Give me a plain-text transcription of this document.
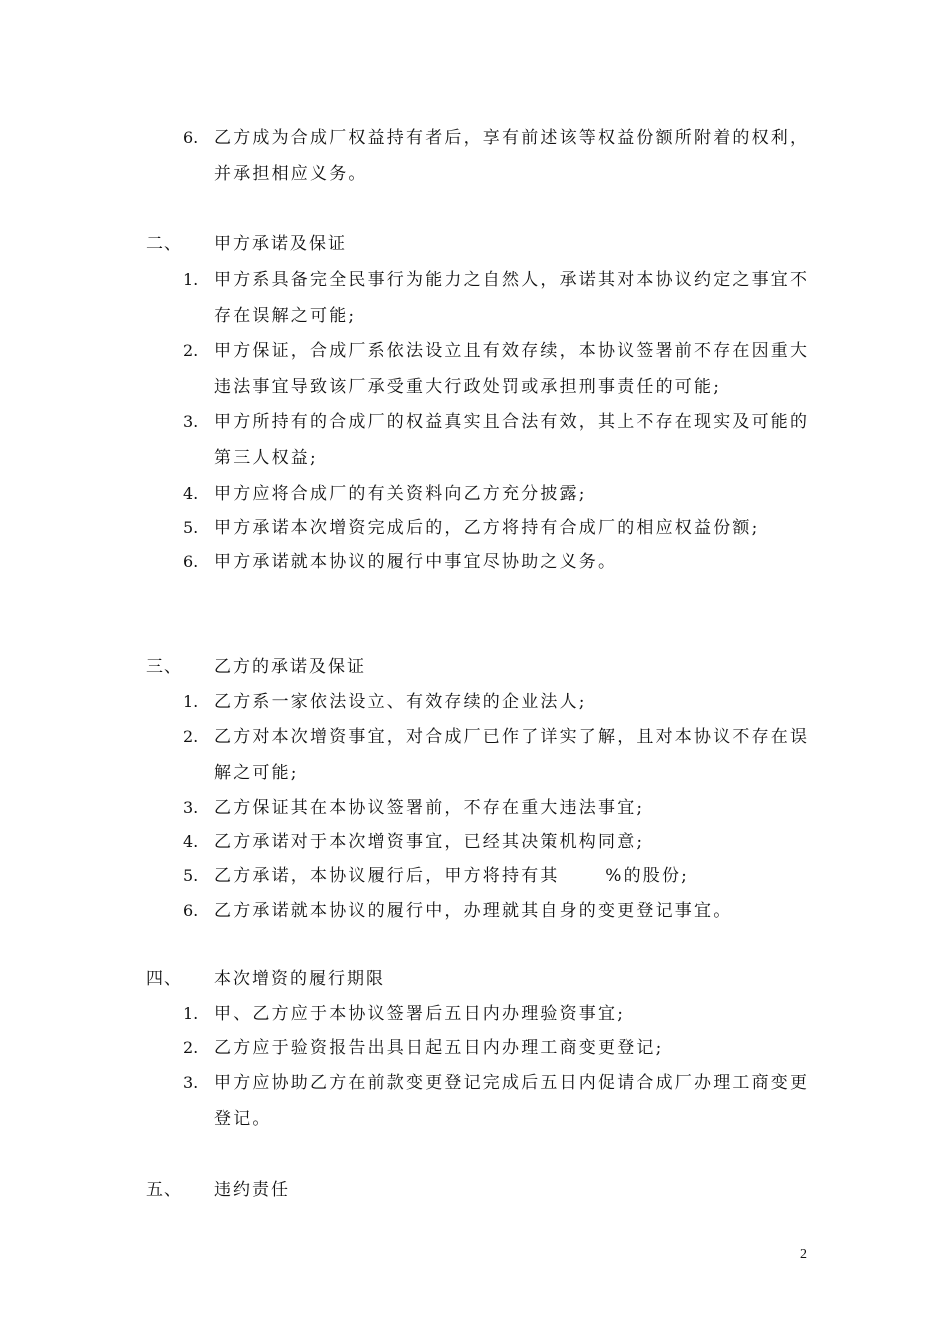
6. 乙方成为合成厂权益持有者后，享有前述该等权益份额所附着的权利，
并承担相应义务。
二、 甲方承诺及保证
1. 甲方系具备完全民事行为能力之自然人，承诺其对本协议约定之事宜不
存在误解之可能;
2. 甲方保证，合成厂系依法设立且有效存续，本协议签署前不存在因重大
违法事宜导致该厂承受重大行政处罚或承担刑事责任的可能;
3. 甲方所持有的合成厂的权益真实且合法有效，其上不存在现实及可能的
第三人权益;
4. 甲方应将合成厂的有关资料向乙方充分披露;
5. 甲方承诺本次增资完成后的，乙方将持有合成厂的相应权益份额;
6. 甲方承诺就本协议的履行中事宜尽协助之义务。
三、 乙方的承诺及保证
1. 乙方系一家依法设立、有效存续的企业法人;
2. 乙方对本次增资事宜，对合成厂已作了详实了解，且对本协议不存在误
解之可能;
3. 乙方保证其在本协议签署前，不存在重大违法事宜;
4. 乙方承诺对于本次增资事宜，已经其决策机构同意;
5. 乙方承诺，本协议履行后，甲方将持有其      %的股份;
6. 乙方承诺就本协议的履行中，办理就其自身的变更登记事宜。
四、 本次增资的履行期限
1. 甲、乙方应于本协议签署后五日内办理验资事宜;
2. 乙方应于验资报告出具日起五日内办理工商变更登记;
3. 甲方应协助乙方在前款变更登记完成后五日内促请合成厂办理工商变更
登记。
五、 违约责任
2
